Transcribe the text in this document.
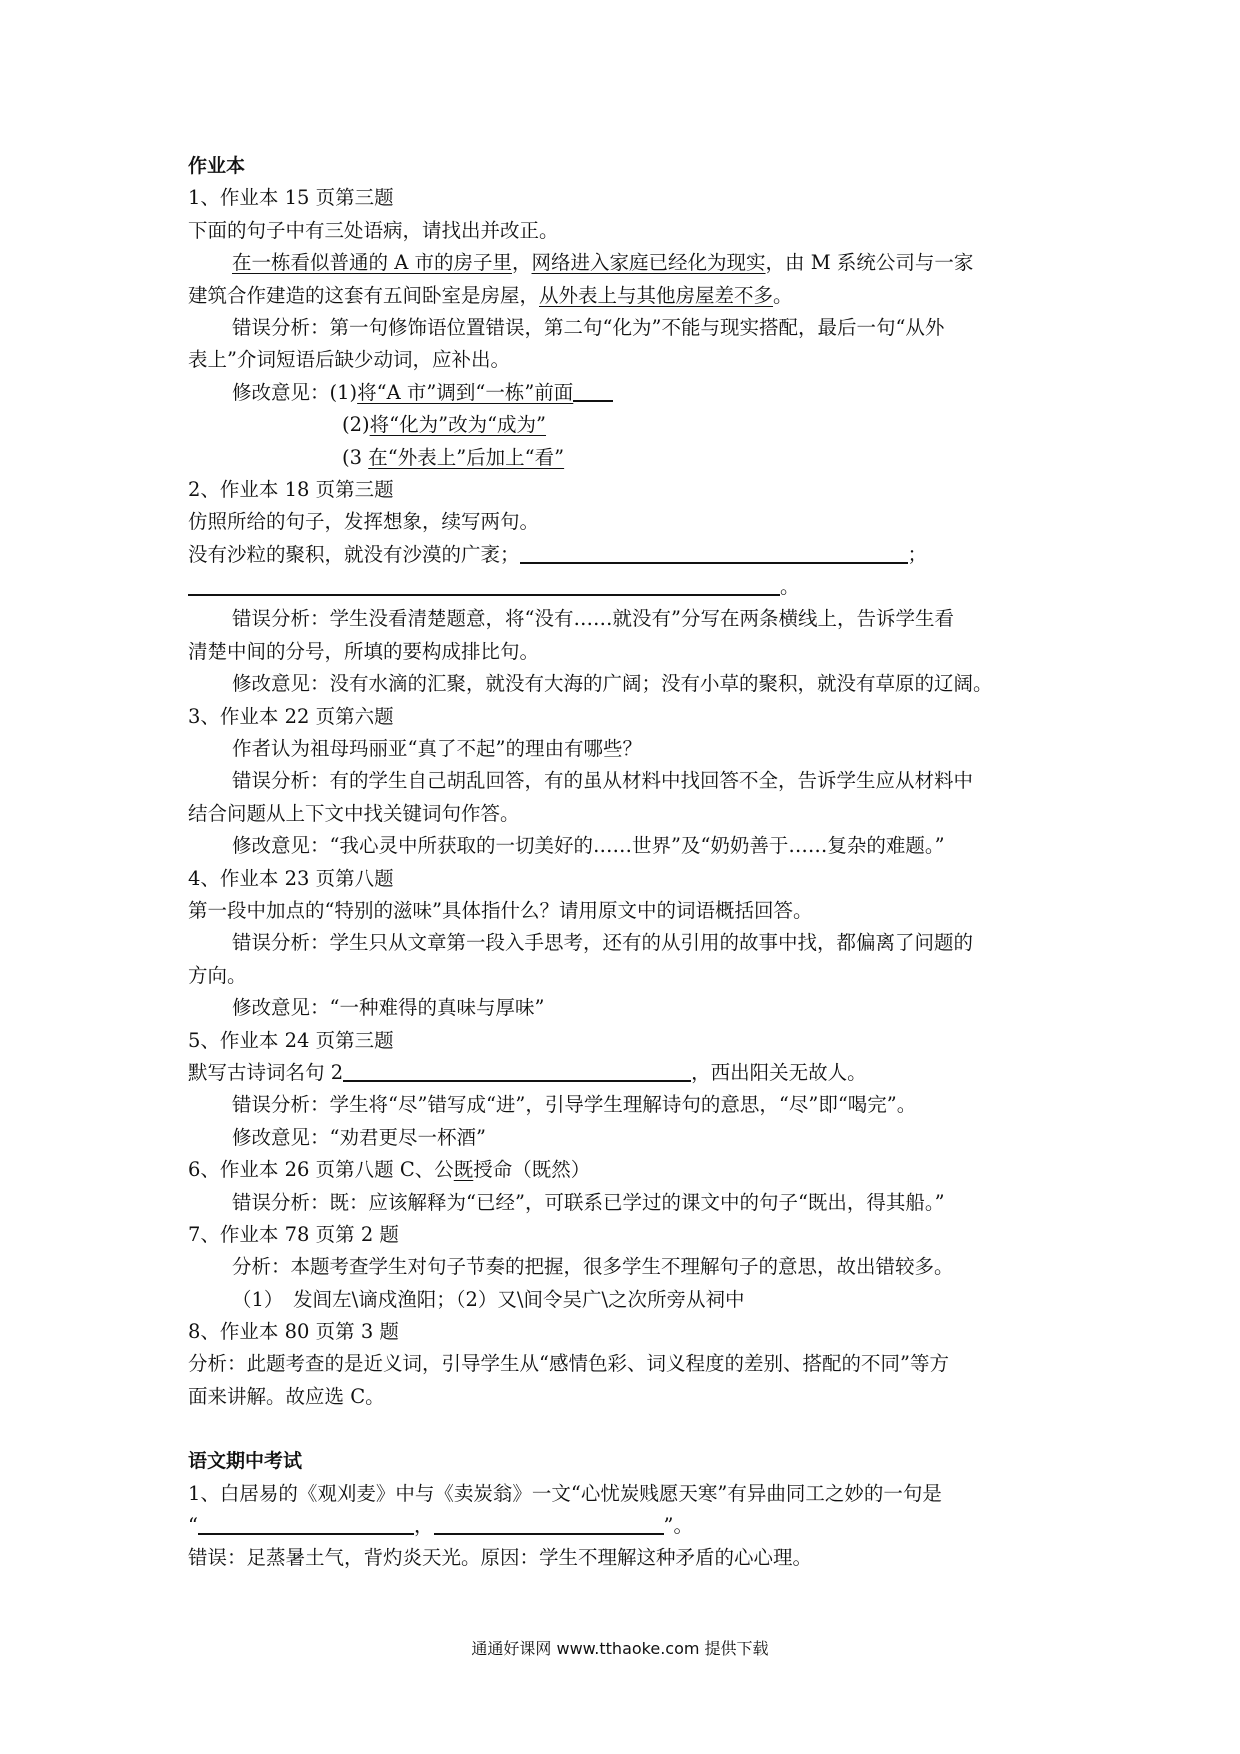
作业本
1、作业本 15 页第三题
下面的句子中有三处语病，请找出并改正。
在一栋看似普通的 A 市的房子里，网络进入家庭已经化为现实，由 M 系统公司与一家
建筑合作建造的这套有五间卧室是房屋，从外表上与其他房屋差不多。
错误分析：第一句修饰语位置错误，第二句“化为”不能与现实搭配，最后一句“从外
表上”介词短语后缺少动词，应补出。
修改意见：(1)将“A 市”调到“一栋”前面
(2)将“化为”改为“成为”
(3 在“外表上”后加上“看”
2、作业本 18 页第三题
仿照所给的句子，发挥想象，续写两句。
没有沙粒的聚积，就没有沙漠的广袤；	；
。
错误分析：学生没看清楚题意，将“没有……就没有”分写在两条横线上，告诉学生看
清楚中间的分号，所填的要构成排比句。
修改意见：没有水滴的汇聚，就没有大海的广阔；没有小草的聚积，就没有草原的辽阔。
3、作业本 22 页第六题
作者认为祖母玛丽亚“真了不起”的理由有哪些？
错误分析：有的学生自己胡乱回答，有的虽从材料中找回答不全，告诉学生应从材料中
结合问题从上下文中找关键词句作答。
修改意见：“我心灵中所获取的一切美好的……世界”及“奶奶善于……复杂的难题。”
4、作业本 23 页第八题
第一段中加点的“特别的滋味”具体指什么？请用原文中的词语概括回答。
错误分析：学生只从文章第一段入手思考，还有的从引用的故事中找，都偏离了问题的
方向。
修改意见：“一种难得的真味与厚味”
5、作业本 24 页第三题
默写古诗词名句 2	，西出阳关无故人。
错误分析：学生将“尽”错写成“进”，引导学生理解诗句的意思，“尽”即“喝完”。
修改意见：“劝君更尽一杯酒”
6、作业本 26 页第八题 C、公既授命（既然）
错误分析：既：应该解释为“已经”，可联系已学过的课文中的句子“既出，得其船。”
7、作业本 78 页第 2 题
分析：本题考查学生对句子节奏的把握，很多学生不理解句子的意思，故出错较多。
（1）　发闾左\谪戍渔阳；（2）又\间令吴广\之次所旁从祠中
8、作业本 80 页第 3 题
分析：此题考查的是近义词，引导学生从“感情色彩、词义程度的差别、搭配的不同”等方
面来讲解。故应选 C。
语文期中考试
1、白居易的《观刈麦》中与《卖炭翁》一文“心忧炭贱愿天寒”有异曲同工之妙的一句是
“	，	”。
错误：足蒸暑土气，背灼炎天光。原因：学生不理解这种矛盾的心心理。
通通好课网 www.tthaoke.com 提供下载
